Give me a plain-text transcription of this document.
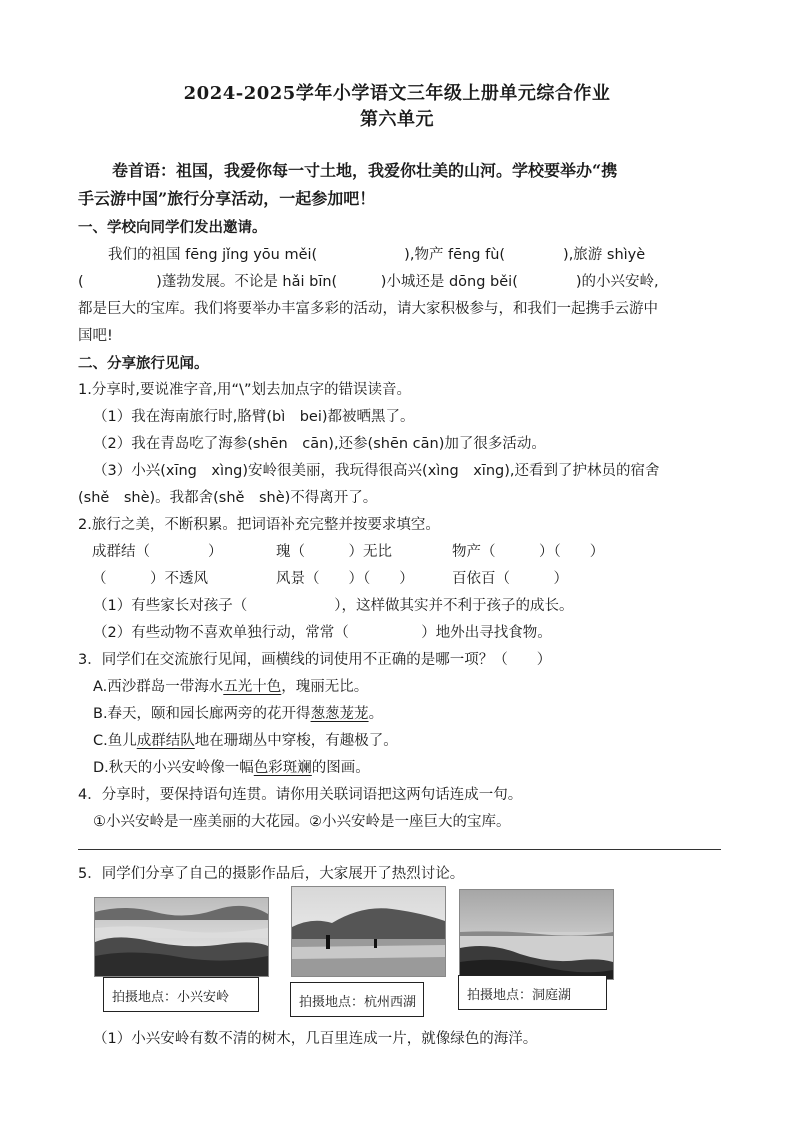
2024-2025学年小学语文三年级上册单元综合作业
第六单元
卷首语：祖国，我爱你每一寸土地，我爱你壮美的山河。学校要举办“携
手云游中国”旅行分享活动，一起参加吧！
一、学校向同学们发出邀请。
我们的祖国 fēng jǐng yōu měi(　　　　　　),物产 fēng fù(　　　　),旅游 shìyè
(　　　　　)蓬勃发展。不论是 hǎi bīn(　　　)小城还是 dōng běi(　　　　)的小兴安岭,
都是巨大的宝库。我们将要举办丰富多彩的活动，请大家积极参与，和我们一起携手云游中
国吧!
二、分享旅行见闻。
1.分享时,要说准字音,用“\”划去加点字的错误读音。
（1）我在海南旅行时,胳臂(bì　bei)都被晒黑了。
（2）我在青岛吃了海参(shēn　cān),还参(shēn cān)加了很多活动。
（3）小兴(xīng　xìng)安岭很美丽，我玩得很高兴(xìng　xīng),还看到了护林员的宿舍
(shě　shè)。我都舍(shě　shè)不得离开了。
2.旅行之美，不断积累。把词语补充完整并按要求填空。
成群结（　　　　）	瑰（　　　）无比	物产（　　　）（　　）
（　　　）不透风	风景（　　）（　　）	百依百（　　　）
（1）有些家长对孩子（　　　　　　），这样做其实并不利于孩子的成长。
（2）有些动物不喜欢单独行动，常常（　　　　　）地外出寻找食物。
3．同学们在交流旅行见闻，画横线的词使用不正确的是哪一项？（　　）
A.西沙群岛一带海水五光十色，瑰丽无比。
B.春天，颐和园长廊两旁的花开得葱葱茏茏。
C.鱼儿成群结队地在珊瑚丛中穿梭，有趣极了。
D.秋天的小兴安岭像一幅色彩斑斓的图画。
4．分享时，要保持语句连贯。请你用关联词语把这两句话连成一句。
①小兴安岭是一座美丽的大花园。②小兴安岭是一座巨大的宝库。
5．同学们分享了自己的摄影作品后，大家展开了热烈讨论。
拍摄地点：小兴安岭	拍摄地点：杭州西湖	拍摄地点：洞庭湖
（1）小兴安岭有数不清的树木，几百里连成一片，就像绿色的海洋。
